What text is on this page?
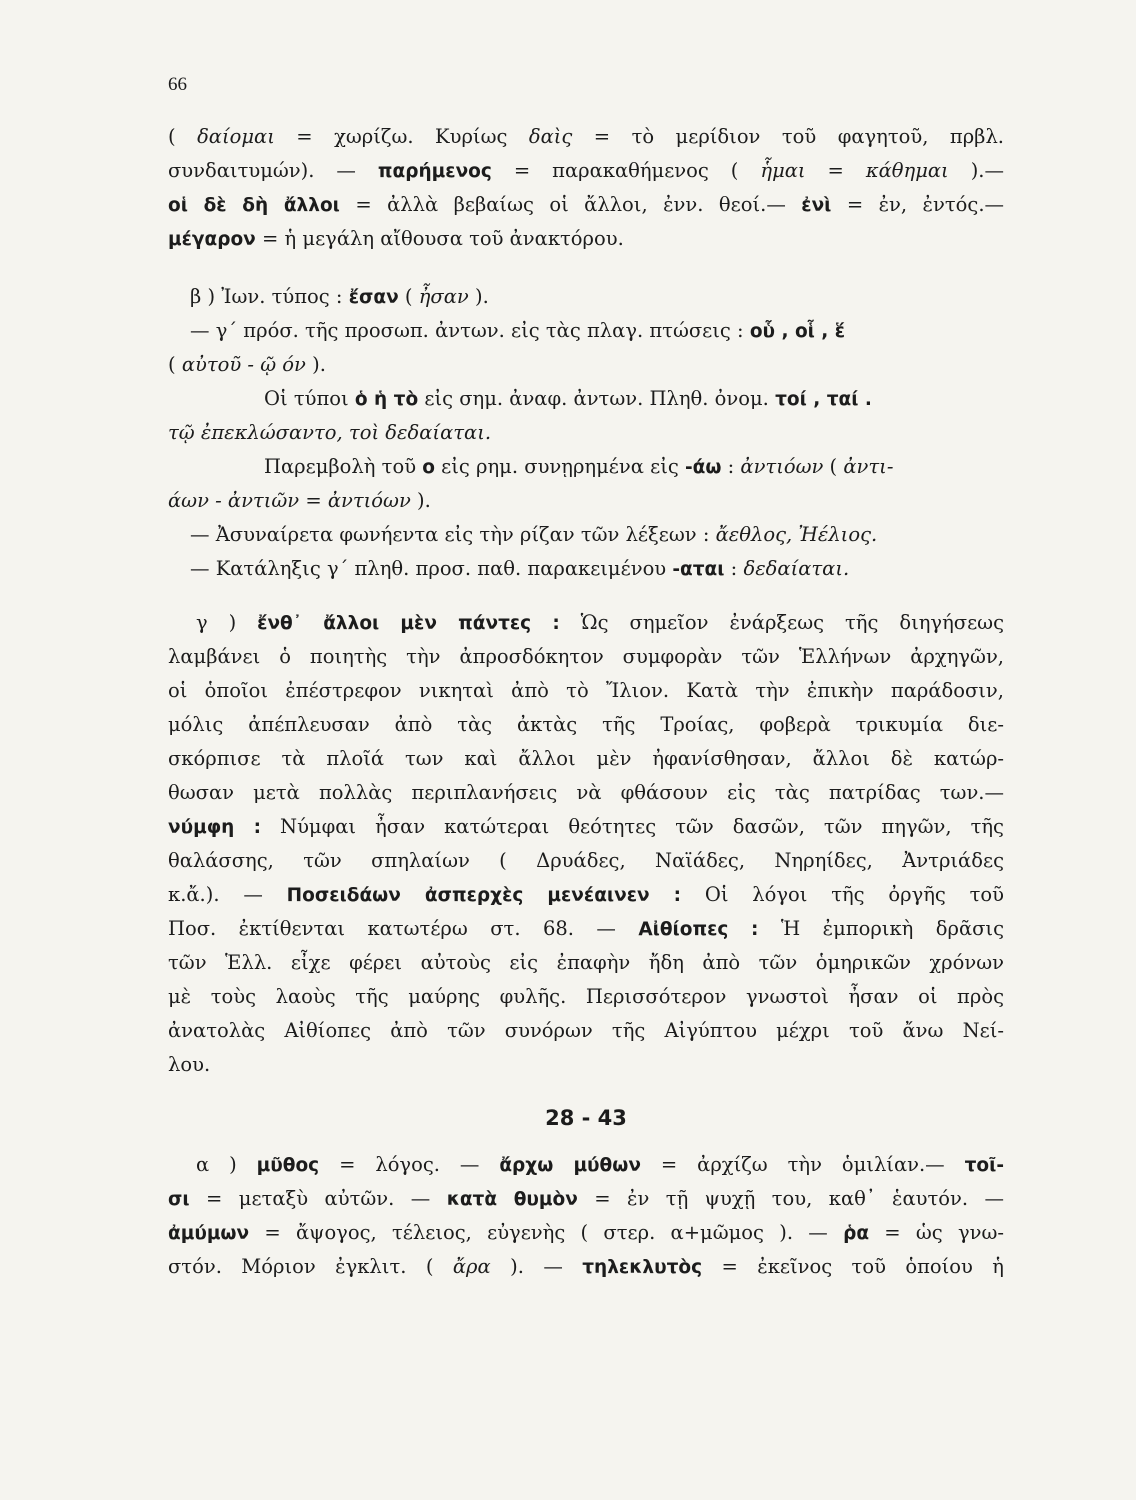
66
( δαίομαι = χωρίζω. Κυρίως δαὶς = τὸ μερίδιον τοῦ φαγητοῦ, πρβλ.
συνδαιτυμών). — παρήμενος = παρακαθήμενος ( ἧμαι = κάθημαι ).—
οἱ δὲ δὴ ἄλλοι = ἀλλὰ βεβαίως οἱ ἄλλοι, ἐνν. θεοί.— ἐνὶ = ἐν, ἐντός.—
μέγαρον = ἡ μεγάλη αἴθουσα τοῦ ἀνακτόρου.
β ) Ἰων. τύπος : ἔσαν ( ἦσαν ).
— γ΄ πρόσ. τῆς προσωπ. ἀντων. εἰς τὰς πλαγ. πτώσεις : οὗ , οἷ , ἕ
( αὐτοῦ - ῷ όν ).
Οἱ τύποι ὁ ἡ τὸ εἰς σημ. ἀναφ. ἀντων. Πληθ. ὀνομ. τοί , ταί .
τῷ ἐπεκλώσαντο, τοὶ δεδαίαται.
Παρεμβολὴ τοῦ ο εἰς ρημ. συνῃρημένα εἰς -άω : ἀντιόων ( ἀντι-
άων - ἀντιῶν = ἀντιόων ).
— Ἀσυναίρετα φωνήεντα εἰς τὴν ρίζαν τῶν λέξεων : ἄεθλος, Ἠέλιος.
— Κατάληξις γ΄ πληθ. προσ. παθ. παρακειμένου -αται : δεδαίαται.
γ ) ἔνθ᾽ ἄλλοι μὲν πάντες : Ὡς σημεῖον ἐνάρξεως τῆς διηγήσεως
λαμβάνει ὁ ποιητὴς τὴν ἀπροσδόκητον συμφορὰν τῶν Ἑλλήνων ἀρχηγῶν,
οἱ ὁποῖοι ἐπέστρεφον νικηταὶ ἀπὸ τὸ Ἴλιον. Κατὰ τὴν ἐπικὴν παράδοσιν,
μόλις ἀπέπλευσαν ἀπὸ τὰς ἀκτὰς τῆς Τροίας, φοβερὰ τρικυμία διε-
σκόρπισε τὰ πλοῖά των καὶ ἄλλοι μὲν ἠφανίσθησαν, ἄλλοι δὲ κατώρ-
θωσαν μετὰ πολλὰς περιπλανήσεις νὰ φθάσουν εἰς τὰς πατρίδας των.—
νύμφη : Νύμφαι ἦσαν κατώτεραι θεότητες τῶν δασῶν, τῶν πηγῶν, τῆς
θαλάσσης, τῶν σπηλαίων ( Δρυάδες, Ναϊάδες, Νηρηίδες, Ἀντριάδες
κ.ἄ.). — Ποσειδάων ἀσπερχὲς μενέαινεν : Οἱ λόγοι τῆς ὀργῆς τοῦ
Ποσ. ἐκτίθενται κατωτέρω στ. 68. — Αἰθίοπες : Ἡ ἐμπορικὴ δρᾶσις
τῶν Ἑλλ. εἶχε φέρει αὐτοὺς εἰς ἐπαφὴν ἤδη ἀπὸ τῶν ὁμηρικῶν χρόνων
μὲ τοὺς λαοὺς τῆς μαύρης φυλῆς. Περισσότερον γνωστοὶ ἦσαν οἱ πρὸς
ἀνατολὰς Αἰθίοπες ἀπὸ τῶν συνόρων τῆς Αἰγύπτου μέχρι τοῦ ἄνω Νεί-
λου.
28 - 43
α ) μῦθος = λόγος. — ἄρχω μύθων = ἀρχίζω τὴν ὁμιλίαν.— τοῖ-
σι = μεταξὺ αὐτῶν. — κατὰ θυμὸν = ἐν τῇ ψυχῇ του, καθ᾽ ἑαυτόν. —
ἀμύμων = ἄψογος, τέλειος, εὐγενὴς ( στερ. α+μῶμος ). — ῥα = ὡς γνω-
στόν. Μόριον ἐγκλιτ. ( ἄρα ). — τηλεκλυτὸς = ἐκεῖνος τοῦ ὁποίου ἡ
